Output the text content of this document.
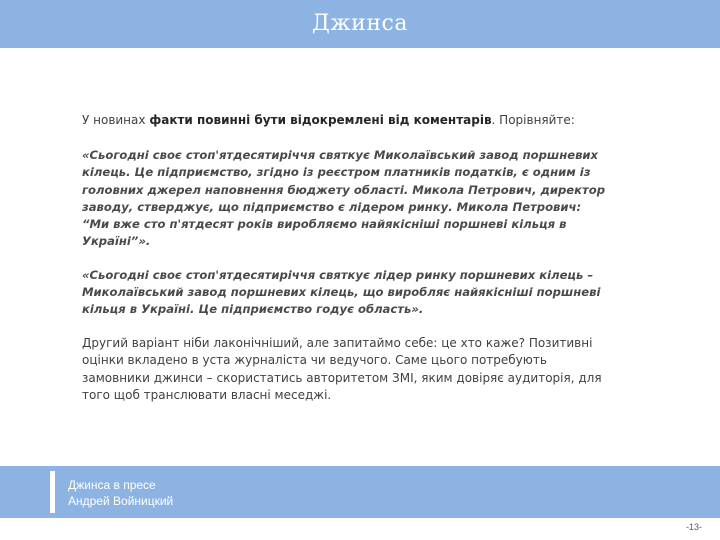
Джинса

У новинах факти повинні бути відокремлені від коментарів. Порівняйте:

«Сьогодні своє стоп'ятдесятиріччя святкує Миколаївський завод поршневих кілець. Це підприємство, згідно із реєстром платників податків, є одним із головних джерел наповнення бюджету області. Микола Петрович, директор заводу, стверджує, що підприємство є лідером ринку. Микола Петрович: “Ми вже сто п'ятдесят років виробляємо найякісніші поршневі кільця в Україні”».

«Сьогодні своє стоп'ятдесятиріччя святкує лідер ринку поршневих кілець – Миколаївський завод поршневих кілець, що виробляє найякісніші поршневі кільця в Україні. Це підприємство годує область».

Другий варіант ніби лаконічніший, але запитаймо себе: це хто каже? Позитивні оцінки вкладено в уста журналіста чи ведучого. Саме цього потребують замовники джинси – скористатись авторитетом ЗМІ, яким довіряє аудиторія, для того щоб транслювати власні меседжі.

Джинса в пресе
Андрей Войницкий
-13-
